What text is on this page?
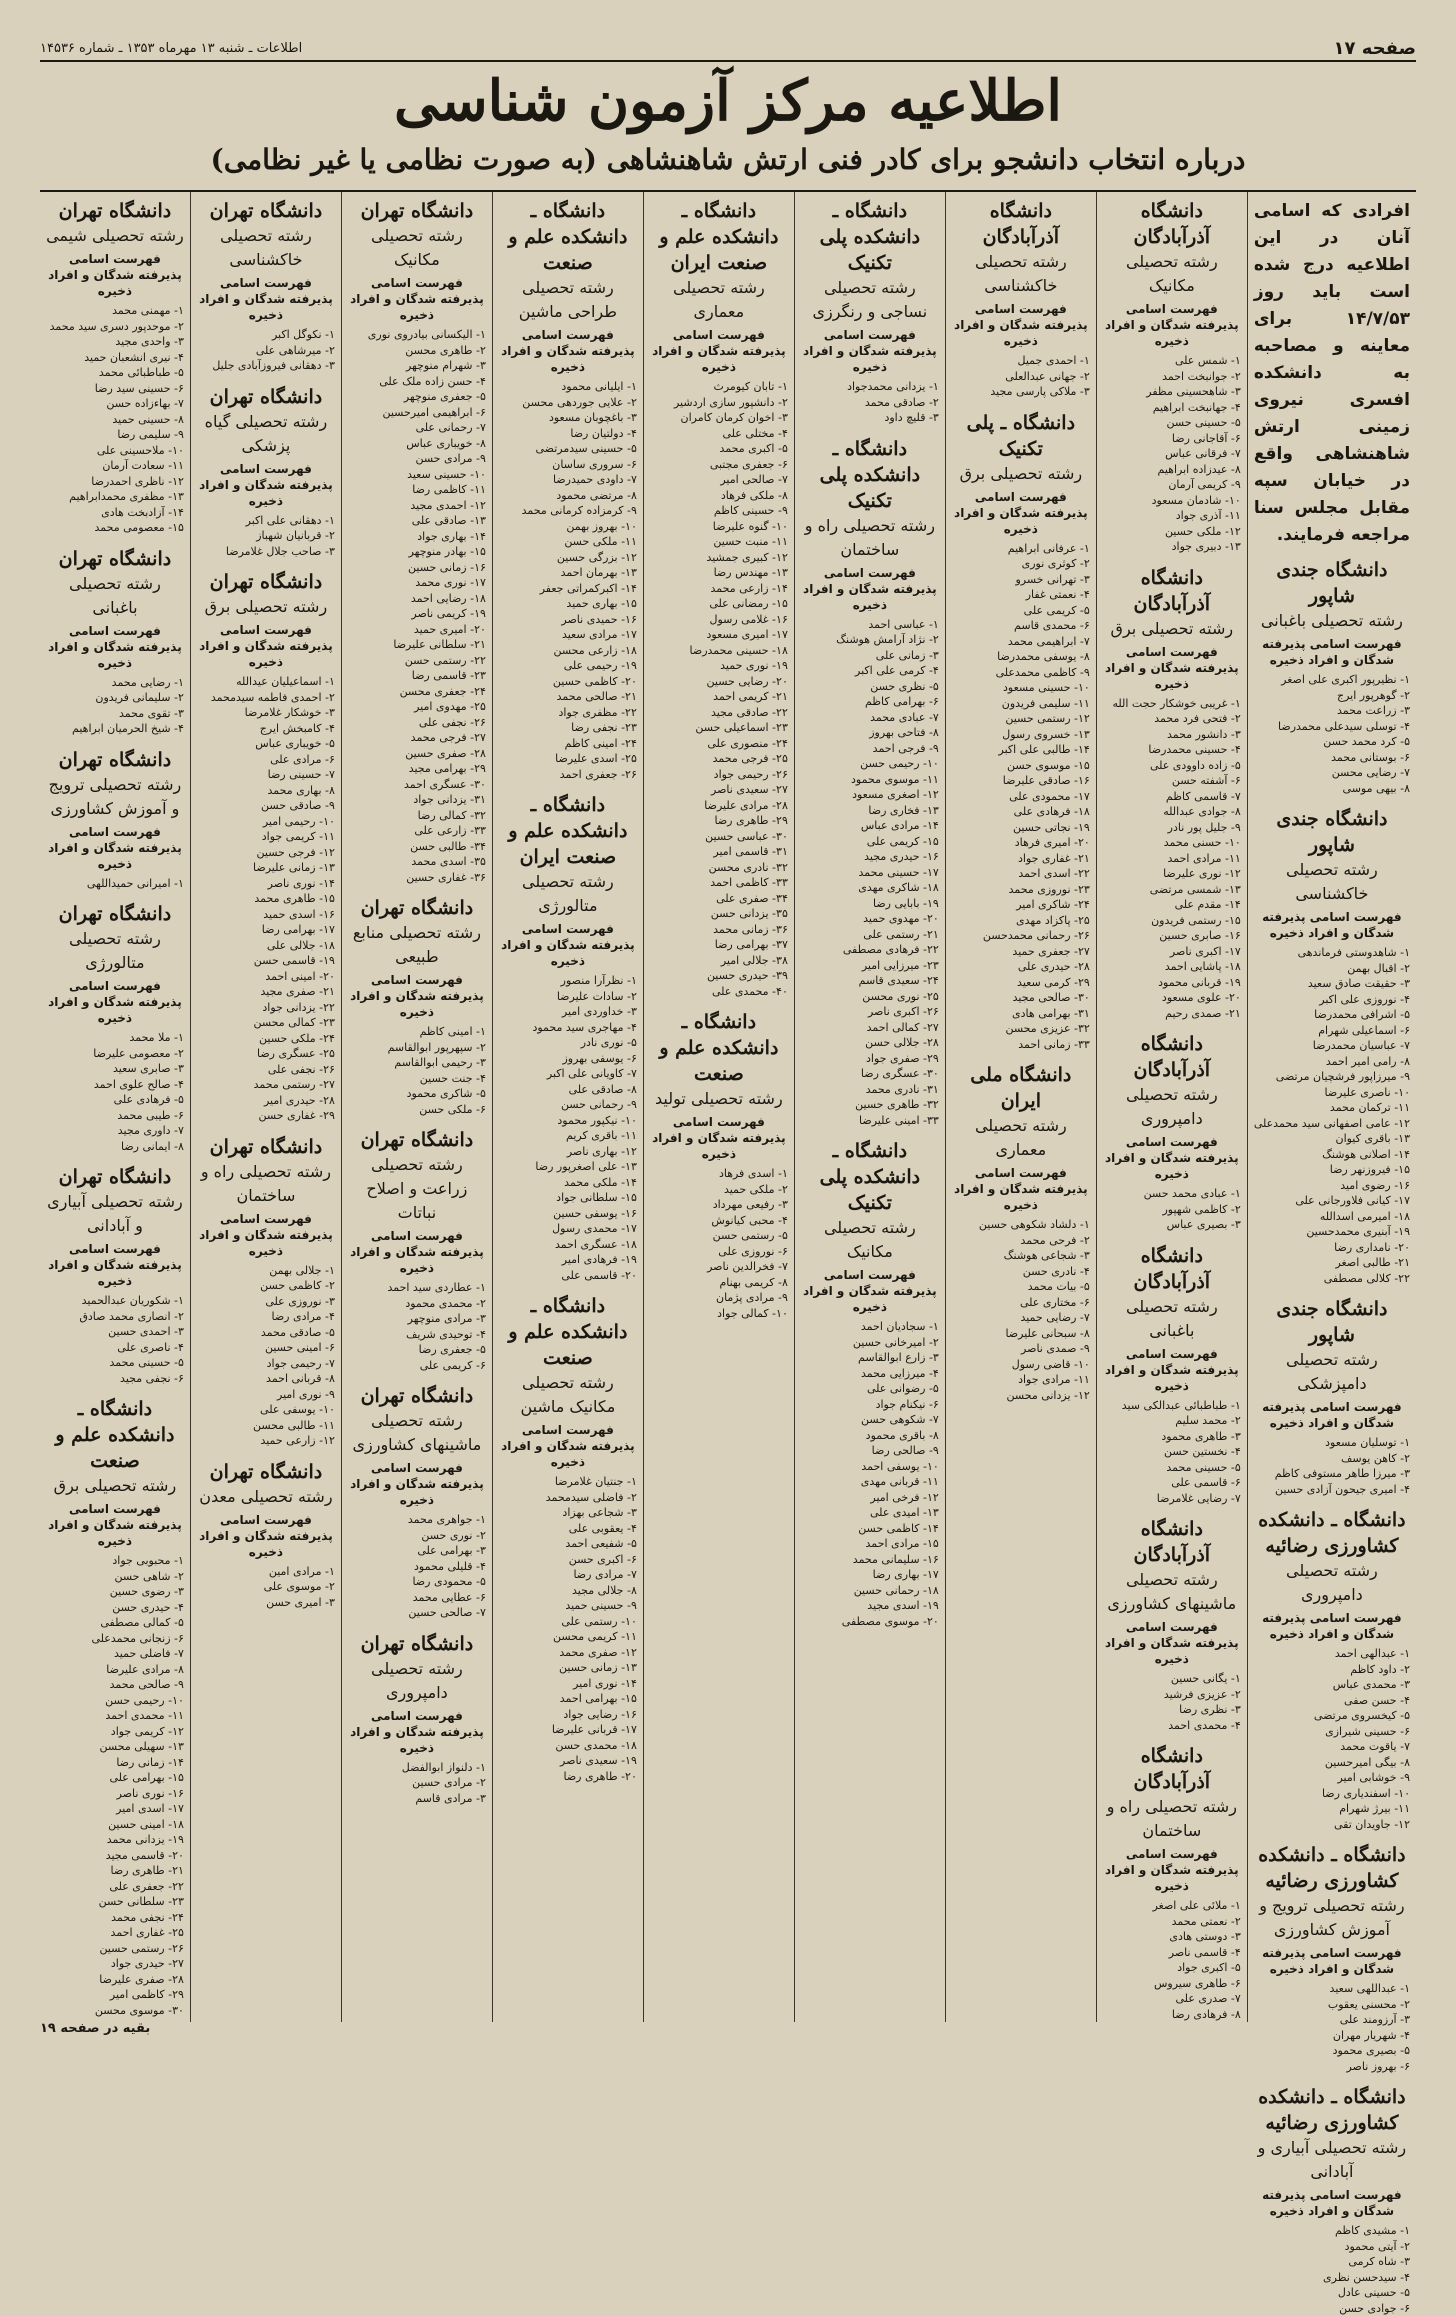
صفحه ۱۷
اطلاعات ـ شنبه ۱۳ مهرماه ۱۳۵۳ ـ شماره ۱۴۵۳۶
اطلاعیه مرکز آزمون شناسی
درباره انتخاب دانشجو برای کادر فنی ارتش شاهنشاهی (به صورت نظامی یا غیر نظامی)
افرادی که اسامی آنان در این اطلاعیه درج شده است باید روز ۱۴/۷/۵۳ برای معاینه و مصاحبه به دانشکده افسری نیروی زمینی ارتش شاهنشاهی واقع در خیابان سپه مقابل مجلس سنا مراجعه فرمایند.
دانشگاه جندی شاپور
رشته تحصیلی باغبانی
فهرست اسامی پذیرفته شدگان و افراد ذخیره
۱- نظیرپور اکبری علی اصغر
۲- گوهرپور ایرج
۳- زراعت محمد
۴- توسلی سیدعلی محمدرضا
۵- کرد محمد حسن
۶- بوستانی محمد
۷- رضایی محسن
۸- بیهی موسی
دانشگاه جندی شاپور
رشته تحصیلی خاکشناسی
فهرست اسامی پذیرفته شدگان و افراد ذخیره
۱- شاهدوستی فرماندهی
۲- اقبال بهمن
۳- حقیقت صادق سعید
۴- نوروزی علی اکبر
۵- اشرافی محمدرضا
۶- اسماعیلی شهرام
۷- عباسیان محمدرضا
۸- رامی امیر احمد
۹- میرزاپور فرشچیان مرتضی
۱۰- ناصری علیرضا
۱۱- ترکمان محمد
۱۲- عامی اصفهانی سید محمدعلی
۱۳- باقری کیوان
۱۴- اصلانی هوشنگ
۱۵- فیروزنهر رضا
۱۶- رضوی امید
۱۷- کیانی فلاورجانی علی
۱۸- امیرمی اسدالله
۱۹- آبنیری محمدحسین
۲۰- نامداری رضا
۲۱- طالبی اصغر
۲۲- کلالی مصطفی
دانشگاه جندی شاپور
رشته تحصیلی دامپزشکی
فهرست اسامی پذیرفته شدگان و افراد ذخیره
۱- توسلیان مسعود
۲- کاهن یوسف
۳- میرزا طاهر مستوفی کاظم
۴- امیری جیحون آزادی حسین
دانشگاه ـ دانشکده کشاورزی رضائیه
رشته تحصیلی دامپروری
فهرست اسامی پذیرفته شدگان و افراد ذخیره
۱- عبدالهی احمد
۲- داود کاظم
۳- محمدی عباس
۴- حسن صفی
۵- کیخسروی مرتضی
۶- حسینی شیرازی
۷- یاقوت محمد
۸- بیگی امیرحسین
۹- خوشابی امیر
۱۰- اسفندیاری رضا
۱۱- بیرژ شهرام
۱۲- جاویدان تقی
دانشگاه ـ دانشکده کشاورزی رضائیه
رشته تحصیلی ترویج و آموزش کشاورزی
فهرست اسامی پذیرفته شدگان و افراد ذخیره
۱- عبداللهی سعید
۲- محسنی یعقوب
۳- آرزومند علی
۴- شهریار مهران
۵- بصیری محمود
۶- بهروز ناصر
دانشگاه ـ دانشکده کشاورزی رضائیه
رشته تحصیلی آبیاری و آبادانی
فهرست اسامی پذیرفته شدگان و افراد ذخیره
۱- مشیدی کاظم
۲- آیتی محمود
۳- شاه کرمی
۴- سیدحسن نظری
۵- حسینی عادل
۶- جوادی حسن
دانشگاه آذرآبادگان
رشته تحصیلی مکانیک
فهرست اسامی پذیرفته شدگان و افراد ذخیره
۱- شمس علی
۲- جوانبخت احمد
۳- شاهحسینی مظفر
۴- جهانبخت ابراهیم
۵- حسینی حسن
۶- آقاجانی رضا
۷- فرقانی عباس
۸- عیدزاده ابراهیم
۹- کریمی آرمان
۱۰- شادمان مسعود
۱۱- آذری جواد
۱۲- ملکی حسین
۱۳- دبیری جواد
دانشگاه آذرآبادگان
رشته تحصیلی برق
فهرست اسامی پذیرفته شدگان و افراد ذخیره
۱- غریبی خوشکار حجت الله
۲- فتحی فرد محمد
۳- دانشور محمد
۴- حسینی محمدرضا
۵- زاده داوودی علی
۶- آشفته حسن
۷- قاسمی کاظم
۸- جوادی عبدالله
۹- جلیل پور نادر
۱۰- حسنی محمد
۱۱- مرادی احمد
۱۲- نوری علیرضا
۱۳- شمسی مرتضی
۱۴- مقدم علی
۱۵- رستمی فریدون
۱۶- صابری حسین
۱۷- اکبری ناصر
۱۸- پاشایی احمد
۱۹- قربانی محمود
۲۰- علوی مسعود
۲۱- صمدی رحیم
دانشگاه آذرآبادگان
رشته تحصیلی دامپروری
فهرست اسامی پذیرفته شدگان و افراد ذخیره
۱- عبادی محمد حسن
۲- کاظمی شهپور
۳- بصیری عباس
دانشگاه آذرآبادگان
رشته تحصیلی باغبانی
فهرست اسامی پذیرفته شدگان و افراد ذخیره
۱- طباطبائی عبدالکی سید
۲- محمد سلیم
۳- طاهری محمود
۴- نخستین حسن
۵- حسینی محمد
۶- قاسمی علی
۷- رضایی غلامرضا
دانشگاه آذرآبادگان
رشته تحصیلی ماشینهای کشاورزی
فهرست اسامی پذیرفته شدگان و افراد ذخیره
۱- یگانی حسین
۲- عزیزی فرشید
۳- نظری رضا
۴- محمدی احمد
دانشگاه آذرآبادگان
رشته تحصیلی راه و ساختمان
فهرست اسامی پذیرفته شدگان و افراد ذخیره
۱- ملائی علی اصغر
۲- نعمتی محمد
۳- دوستی هادی
۴- قاسمی ناصر
۵- اکبری جواد
۶- طاهری سیروس
۷- صدری علی
۸- فرهادی رضا
دانشگاه آذرآبادگان
رشته تحصیلی خاکشناسی
فهرست اسامی پذیرفته شدگان و افراد ذخیره
۱- احمدی جمیل
۲- جهانی عبدالعلی
۳- ملاکی پارسی مجید
دانشگاه ـ پلی تکنیک
رشته تحصیلی برق
فهرست اسامی پذیرفته شدگان و افراد ذخیره
۱- عرفانی ابراهیم
۲- کوثری نوری
۳- تهرانی خسرو
۴- نعمتی غفار
۵- کریمی علی
۶- محمدی قاسم
۷- ابراهیمی محمد
۸- یوسفی محمدرضا
۹- کاظمی محمدعلی
۱۰- حسینی مسعود
۱۱- سلیمی فریدون
۱۲- رستمی حسین
۱۳- خسروی رسول
۱۴- طالبی علی اکبر
۱۵- موسوی حسن
۱۶- صادقی علیرضا
۱۷- محمودی علی
۱۸- فرهادی علی
۱۹- نجاتی حسین
۲۰- امیری فرهاد
۲۱- غفاری جواد
۲۲- اسدی احمد
۲۳- نوروزی محمد
۲۴- شاکری امیر
۲۵- پاکزاد مهدی
۲۶- رحمانی محمدحسن
۲۷- جعفری حمید
۲۸- حیدری علی
۲۹- کرمی سعید
۳۰- صالحی مجید
۳۱- بهرامی هادی
۳۲- عزیزی محسن
۳۳- زمانی احمد
دانشگاه ملی ایران
رشته تحصیلی معماری
فهرست اسامی پذیرفته شدگان و افراد ذخیره
۱- دلشاد شکوهی حسین
۲- فرحی محمد
۳- شجاعی هوشنگ
۴- نادری حسن
۵- بیات محمد
۶- مختاری علی
۷- رضایی حمید
۸- سبحانی علیرضا
۹- صمدی ناصر
۱۰- قاضی رسول
۱۱- مرادی جواد
۱۲- یزدانی محسن
دانشگاه ـ دانشکده پلی تکنیک
رشته تحصیلی نساجی و رنگرزی
فهرست اسامی پذیرفته شدگان و افراد ذخیره
۱- یزدانی محمدجواد
۲- صادقی محمد
۳- قلیچ داود
دانشگاه ـ دانشکده پلی تکنیک
رشته تحصیلی راه و ساختمان
فهرست اسامی پذیرفته شدگان و افراد ذخیره
۱- عباسی احمد
۲- نژاد آرامش هوشنگ
۳- زمانی علی
۴- کرمی علی اکبر
۵- نظری حسن
۶- بهرامی کاظم
۷- عبادی محمد
۸- فتاحی بهروز
۹- فرجی احمد
۱۰- رحیمی حسن
۱۱- موسوی محمود
۱۲- اصغری مسعود
۱۳- فخاری رضا
۱۴- مرادی عباس
۱۵- کریمی علی
۱۶- حیدری مجید
۱۷- حسینی محمد
۱۸- شاکری مهدی
۱۹- بابایی رضا
۲۰- مهدوی حمید
۲۱- رستمی علی
۲۲- فرهادی مصطفی
۲۳- میرزایی امیر
۲۴- سعیدی قاسم
۲۵- نوری محسن
۲۶- اکبری ناصر
۲۷- کمالی احمد
۲۸- جلالی حسن
۲۹- صفری جواد
۳۰- عسگری رضا
۳۱- نادری محمد
۳۲- طاهری حسین
۳۳- امینی علیرضا
دانشگاه ـ دانشکده پلی تکنیک
رشته تحصیلی مکانیک
فهرست اسامی پذیرفته شدگان و افراد ذخیره
۱- سجادیان احمد
۲- امیرخانی حسین
۳- زارع ابوالقاسم
۴- میرزایی محمد
۵- رضوانی علی
۶- نیکنام جواد
۷- شکوهی حسن
۸- باقری محمود
۹- صالحی رضا
۱۰- یوسفی احمد
۱۱- قربانی مهدی
۱۲- فرخی امیر
۱۳- امیدی علی
۱۴- کاظمی حسن
۱۵- مرادی احمد
۱۶- سلیمانی محمد
۱۷- بهاری رضا
۱۸- رحمانی حسین
۱۹- اسدی مجید
۲۰- موسوی مصطفی
دانشگاه ـ دانشکده علم و صنعت ایران
رشته تحصیلی معماری
فهرست اسامی پذیرفته شدگان و افراد ذخیره
۱- تابان کیومرث
۲- دانشپور سازی اردشیر
۳- اخوان کرمان کامران
۴- مختلی علی
۵- اکبری محمد
۶- جعفری مجتبی
۷- صالحی امیر
۸- ملکی فرهاد
۹- حسینی کاظم
۱۰- گنوه علیرضا
۱۱- منبت حسین
۱۲- کبیری جمشید
۱۳- مهندس رضا
۱۴- زارعی محمد
۱۵- رمضانی علی
۱۶- غلامی رسول
۱۷- امیری مسعود
۱۸- حسینی محمدرضا
۱۹- نوری حمید
۲۰- رضایی حسین
۲۱- کریمی احمد
۲۲- صادقی مجید
۲۳- اسماعیلی حسن
۲۴- منصوری علی
۲۵- فرجی محمد
۲۶- رحیمی جواد
۲۷- سعیدی ناصر
۲۸- مرادی علیرضا
۲۹- طاهری رضا
۳۰- عباسی حسین
۳۱- قاسمی امیر
۳۲- نادری محسن
۳۳- کاظمی احمد
۳۴- صفری علی
۳۵- یزدانی حسن
۳۶- زمانی محمد
۳۷- بهرامی رضا
۳۸- جلالی امیر
۳۹- حیدری حسین
۴۰- محمدی علی
دانشگاه ـ دانشکده علم و صنعت
رشته تحصیلی تولید
فهرست اسامی پذیرفته شدگان و افراد ذخیره
۱- اسدی فرهاد
۲- ملکی حمید
۳- رفیعی مهرداد
۴- محبی کیانوش
۵- رستمی حسن
۶- نوروزی علی
۷- فخرالدین ناصر
۸- کریمی بهنام
۹- مرادی پژمان
۱۰- کمالی جواد
دانشگاه ـ دانشکده علم و صنعت
رشته تحصیلی طراحی ماشین
فهرست اسامی پذیرفته شدگان و افراد ذخیره
۱- ایلیانی محمود
۲- علایی جوردهی محسن
۳- باغچوبان مسعود
۴- دولتیان رضا
۵- حسینی سیدمرتضی
۶- سروری ساسان
۷- داودی حمیدرضا
۸- مرتضی محمود
۹- کرمزاده کرمانی محمد
۱۰- بهروز بهمن
۱۱- ملکی حسن
۱۲- بزرگی حسین
۱۳- بهرمان احمد
۱۴- اکبرکمراتی جعفر
۱۵- بهاری حمید
۱۶- حمیدی ناصر
۱۷- مرادی سعید
۱۸- زارعی محسن
۱۹- رحیمی علی
۲۰- کاظمی حسین
۲۱- صالحی محمد
۲۲- مظفری جواد
۲۳- نجفی رضا
۲۴- امینی کاظم
۲۵- اسدی علیرضا
۲۶- جعفری احمد
دانشگاه ـ دانشکده علم و صنعت ایران
رشته تحصیلی متالورژی
فهرست اسامی پذیرفته شدگان و افراد ذخیره
۱- نظرآرا منصور
۲- سادات علیرضا
۳- خداوردی امیر
۴- مهاجری سید محمود
۵- نوری نادر
۶- یوسفی بهروز
۷- کاویانی علی اکبر
۸- صادقی علی
۹- رحمانی حسن
۱۰- نیکپور محمود
۱۱- باقری کریم
۱۲- بهاری ناصر
۱۳- علی اصغرپور رضا
۱۴- ملکی محمد
۱۵- سلطانی جواد
۱۶- یوسفی حسین
۱۷- محمدی رسول
۱۸- عسگری احمد
۱۹- فرهادی امیر
۲۰- قاسمی علی
دانشگاه ـ دانشکده علم و صنعت
رشته تحصیلی مکانیک ماشین
فهرست اسامی پذیرفته شدگان و افراد ذخیره
۱- جنتیان غلامرضا
۲- فاضلی سیدمحمد
۳- شجاعی بهزاد
۴- یعقوبی علی
۵- شفیعی احمد
۶- اکبری حسن
۷- مرادی رضا
۸- جلالی مجید
۹- حسینی حمید
۱۰- رستمی علی
۱۱- کریمی محسن
۱۲- صفری محمد
۱۳- زمانی حسین
۱۴- نوری امیر
۱۵- بهرامی احمد
۱۶- رضایی جواد
۱۷- قربانی علیرضا
۱۸- محمدی حسن
۱۹- سعیدی ناصر
۲۰- طاهری رضا
دانشگاه تهران
رشته تحصیلی مکانیک
فهرست اسامی پذیرفته شدگان و افراد ذخیره
۱- الیکسانی بیادروی نوری
۲- طاهری محسن
۳- شهرام منوچهر
۴- حسن زاده ملک علی
۵- جعفری منوچهر
۶- ابراهیمی امیرحسین
۷- رحمانی علی
۸- خویباری عباس
۹- مرادی حسن
۱۰- حسینی سعید
۱۱- کاظمی رضا
۱۲- احمدی مجید
۱۳- صادقی علی
۱۴- بهاری جواد
۱۵- بهادر منوچهر
۱۶- زمانی حسین
۱۷- نوری محمد
۱۸- رضایی احمد
۱۹- کریمی ناصر
۲۰- امیری حمید
۲۱- سلطانی علیرضا
۲۲- رستمی حسن
۲۳- قاسمی رضا
۲۴- جعفری محسن
۲۵- مهدوی امیر
۲۶- نجفی علی
۲۷- فرجی محمد
۲۸- صفری حسین
۲۹- بهرامی مجید
۳۰- عسگری احمد
۳۱- یزدانی جواد
۳۲- کمالی رضا
۳۳- زارعی علی
۳۴- طالبی حسن
۳۵- اسدی محمد
۳۶- غفاری حسین
دانشگاه تهران
رشته تحصیلی منابع طبیعی
فهرست اسامی پذیرفته شدگان و افراد ذخیره
۱- امینی کاظم
۲- سپهرپور ابوالقاسم
۳- رحیمی ابوالقاسم
۴- جنت حسین
۵- شاکری محمود
۶- ملکی حسن
دانشگاه تهران
رشته تحصیلی زراعت و اصلاح نباتات
فهرست اسامی پذیرفته شدگان و افراد ذخیره
۱- عطاردی سید احمد
۲- محمدی محمود
۳- مرادی منوچهر
۴- توحیدی شریف
۵- جعفری رضا
۶- کریمی علی
دانشگاه تهران
رشته تحصیلی ماشینهای کشاورزی
فهرست اسامی پذیرفته شدگان و افراد ذخیره
۱- جواهری محمد
۲- نوری حسن
۳- بهرامی علی
۴- قلیلی محمود
۵- محمودی رضا
۶- عطایی محمد
۷- صالحی حسین
دانشگاه تهران
رشته تحصیلی دامپروری
فهرست اسامی پذیرفته شدگان و افراد ذخیره
۱- دلنواز ابوالفضل
۲- مرادی حسین
۳- مرادی قاسم
دانشگاه تهران
رشته تحصیلی خاکشناسی
فهرست اسامی پذیرفته شدگان و افراد ذخیره
۱- نکوگل اکبر
۲- میرشاهی علی
۳- دهقانی فیروزآبادی جلیل
دانشگاه تهران
رشته تحصیلی گیاه پزشکی
فهرست اسامی پذیرفته شدگان و افراد ذخیره
۱- دهقانی علی اکبر
۲- قربانیان شهباز
۳- صاحب جلال غلامرضا
دانشگاه تهران
رشته تحصیلی برق
فهرست اسامی پذیرفته شدگان و افراد ذخیره
۱- اسماعیلیان عیدالله
۲- احمدی فاطمه سیدمحمد
۳- خوشکار غلامرضا
۴- کامبخش ایرج
۵- خویباری عباس
۶- مرادی علی
۷- حسینی رضا
۸- بهاری محمد
۹- صادقی حسن
۱۰- رحیمی امیر
۱۱- کریمی جواد
۱۲- فرجی حسین
۱۳- زمانی علیرضا
۱۴- نوری ناصر
۱۵- طاهری محمد
۱۶- اسدی حمید
۱۷- بهرامی رضا
۱۸- جلالی علی
۱۹- قاسمی حسن
۲۰- امینی احمد
۲۱- صفری مجید
۲۲- یزدانی جواد
۲۳- کمالی محسن
۲۴- ملکی حسین
۲۵- عسگری رضا
۲۶- نجفی علی
۲۷- رستمی محمد
۲۸- حیدری امیر
۲۹- غفاری حسن
دانشگاه تهران
رشته تحصیلی راه و ساختمان
فهرست اسامی پذیرفته شدگان و افراد ذخیره
۱- جلالی بهمن
۲- کاظمی حسن
۳- نوروزی علی
۴- مرادی رضا
۵- صادقی محمد
۶- امینی حسین
۷- رحیمی جواد
۸- قربانی احمد
۹- نوری امیر
۱۰- یوسفی علی
۱۱- طالبی محسن
۱۲- زارعی حمید
دانشگاه تهران
رشته تحصیلی معدن
فهرست اسامی پذیرفته شدگان و افراد ذخیره
۱- مرادی امین
۲- موسوی علی
۳- امیری حسن
دانشگاه تهران
رشته تحصیلی شیمی
فهرست اسامی پذیرفته شدگان و افراد ذخیره
۱- مهمنی محمد
۲- موحدپور دسری سید محمد
۳- واحدی مجید
۴- نیری انشعبان حمید
۵- طباطبائی محمد
۶- حسینی سید رضا
۷- بهاءزاده حسن
۸- حسینی حمید
۹- سلیمی رضا
۱۰- ملاحسینی علی
۱۱- سعادت آرمان
۱۲- ناظری احمدرضا
۱۳- مظفری محمدابراهیم
۱۴- آزادبخت هادی
۱۵- معصومی محمد
دانشگاه تهران
رشته تحصیلی باغبانی
فهرست اسامی پذیرفته شدگان و افراد ذخیره
۱- رضایی محمد
۲- سلیمانی فریدون
۳- تقوی محمد
۴- شیخ الحرمیان ابراهیم
دانشگاه تهران
رشته تحصیلی ترویج و آموزش کشاورزی
فهرست اسامی پذیرفته شدگان و افراد ذخیره
۱- امیرانی حمیداللهی
دانشگاه تهران
رشته تحصیلی متالورژی
فهرست اسامی پذیرفته شدگان و افراد ذخیره
۱- ملا محمد
۲- معصومی علیرضا
۳- صابری سعید
۴- صالح علوی احمد
۵- فرهادی علی
۶- طیبی محمد
۷- داوری مجید
۸- ایمانی رضا
دانشگاه تهران
رشته تحصیلی آبیاری و آبادانی
فهرست اسامی پذیرفته شدگان و افراد ذخیره
۱- شکوریان عبدالحمید
۲- انصاری محمد صادق
۳- احمدی حسین
۴- ناصری علی
۵- حسینی محمد
۶- نجفی مجید
دانشگاه ـ دانشکده علم و صنعت
رشته تحصیلی برق
فهرست اسامی پذیرفته شدگان و افراد ذخیره
۱- محبوبی جواد
۲- شاهی حسن
۳- رضوی حسین
۴- حیدری حسن
۵- کمالی مصطفی
۶- زنجانی محمدعلی
۷- فاضلی حمید
۸- مرادی علیرضا
۹- صالحی محمد
۱۰- رحیمی حسن
۱۱- محمدی احمد
۱۲- کریمی جواد
۱۳- سهیلی محسن
۱۴- زمانی رضا
۱۵- بهرامی علی
۱۶- نوری ناصر
۱۷- اسدی امیر
۱۸- امینی حسین
۱۹- یزدانی محمد
۲۰- قاسمی مجید
۲۱- طاهری رضا
۲۲- جعفری علی
۲۳- سلطانی حسن
۲۴- نجفی محمد
۲۵- غفاری احمد
۲۶- رستمی حسین
۲۷- حیدری جواد
۲۸- صفری علیرضا
۲۹- کاظمی امیر
۳۰- موسوی محسن
بقیه در صفحه ۱۹
